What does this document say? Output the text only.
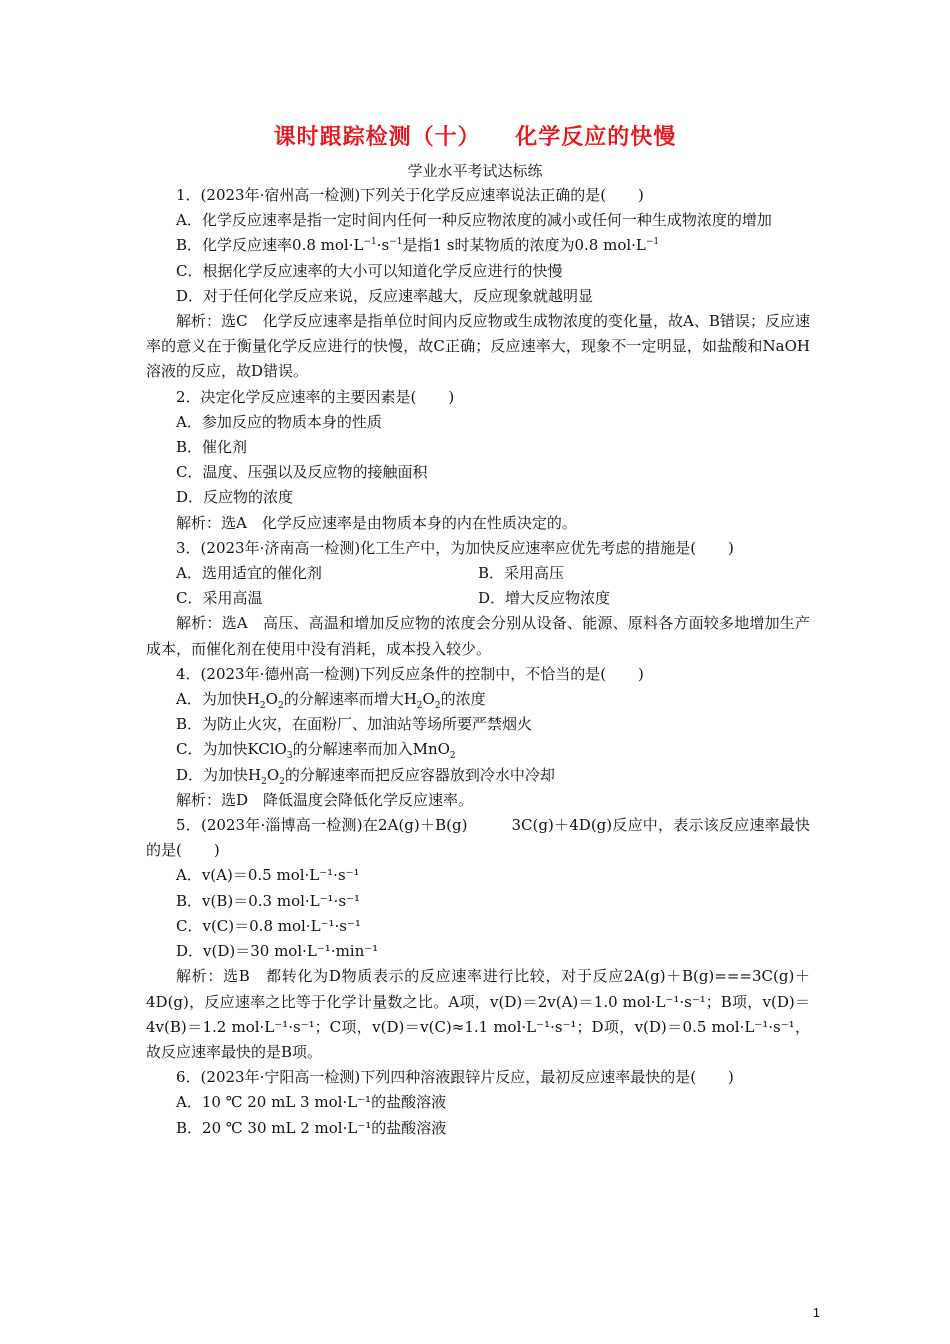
课时跟踪检测（十）    化学反应的快慢
学业水平考试达标练

1．(2023年·宿州高一检测)下列关于化学反应速率说法正确的是( )

A．化学反应速率是指一定时间内任何一种反应物浓度的减小或任何一种生成物浓度的增加

B．化学反应速率0.8 $mol\cdot L^{-1}\cdot s^{-1}$是指1 s时某物质的浓度为0.8 $mol\cdot L^{-1}$

C．根据化学反应速率的大小可以知道化学反应进行的快慢

D．对于任何化学反应来说，反应速率越大，反应现象就越明显

解析：选C　化学反应速率是指单位时间内反应物或生成物浓度的变化量，故A、B错误；反应速率的意义在于衡量化学反应进行的快慢，故C正确；反应速率大，现象不一定明显，如盐酸和NaOH溶液的反应，故D错误。

2．决定化学反应速率的主要因素是( )

A．参加反应的物质本身的性质

B．催化剂

C．温度、压强以及反应物的接触面积

D．反应物的浓度

解析：选A　化学反应速率是由物质本身的内在性质决定的。

3．(2023年·济南高一检测)化工生产中，为加快反应速率应优先考虑的措施是( )

A．选用适宜的催化剂	B．采用高压
C．采用高温	D．增大反应物浓度

解析：选A　高压、高温和增加反应物的浓度会分别从设备、能源、原料各方面较多地增加生产成本，而催化剂在使用中没有消耗，成本投入较少。

4．(2023年·德州高一检测)下列反应条件的控制中，不恰当的是( )

A．为加快$H_2O_2$的分解速率而增大$H_2O_2$的浓度

B．为防止火灾，在面粉厂、加油站等场所要严禁烟火

C．为加快KClO$_3$的分解速率而加入MnO$_2$

D．为加快$H_2O_2$的分解速率而把反应容器放到冷水中冷却

解析：选D　降低温度会降低化学反应速率。

5．(2023年·淄博高一检测)在2A(g)＋B(g)	3C(g)＋4D(g)反应中，表示该反应速率最快的是( )

A．v(A)＝0.5 mol·L⁻¹·s⁻¹

B．v(B)＝0.3 mol·L⁻¹·s⁻¹

C．v(C)＝0.8 mol·L⁻¹·s⁻¹

D．v(D)＝30 mol·L⁻¹·min⁻¹

解析：选B　都转化为D物质表示的反应速率进行比较，对于反应2A(g)＋B(g)===3C(g)＋4D(g)，反应速率之比等于化学计量数之比。A项，v(D)＝2v(A)＝1.0 mol·L⁻¹·s⁻¹；B项，v(D)＝4v(B)＝1.2 mol·L⁻¹·s⁻¹；C项，v(D)＝v(C)≈1.1 mol·L⁻¹·s⁻¹；D项，v(D)＝0.5 mol·L⁻¹·s⁻¹，故反应速率最快的是B项。

6．(2023年·宁阳高一检测)下列四种溶液跟锌片反应，最初反应速率最快的是( )

A．10 ℃ 20 mL 3 mol·L⁻¹的盐酸溶液

B．20 ℃ 30 mL 2 mol·L⁻¹的盐酸溶液

1
